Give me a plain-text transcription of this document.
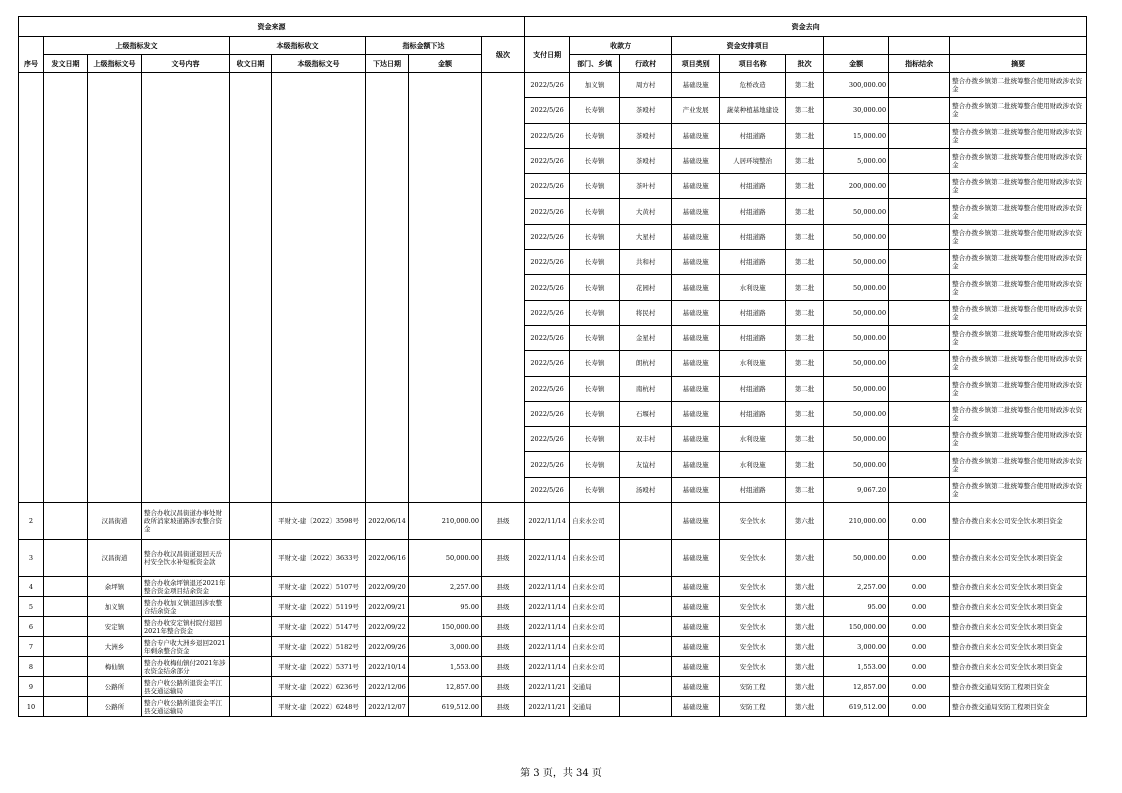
资金来源									资金去向								
序号	上级指标发文			本级指标收文		指标金额下达		级次	支付日期	收款方		资金安排项目					
	发文日期	上级指标文号	文号内容	收文日期	本级指标文号	下达日期	金额			部门、乡镇	行政村	项目类别	项目名称	批次	金额	指标结余	摘要
									2022/5/26	加义镇	周方村	基础设施	危桥改造	第二批	300,000.00		整合办拨乡镇第二批统筹整合使用财政涉农资金
									2022/5/26	长寿镇	茶殴村	产业发展	蔬菜种植基地建设	第二批	30,000.00		整合办拨乡镇第二批统筹整合使用财政涉农资金
									2022/5/26	长寿镇	茶殴村	基础设施	村组道路	第二批	15,000.00		整合办拨乡镇第二批统筹整合使用财政涉农资金
									2022/5/26	长寿镇	茶殴村	基础设施	人居环境整治	第二批	5,000.00		整合办拨乡镇第二批统筹整合使用财政涉农资金
									2022/5/26	长寿镇	茶叶村	基础设施	村组道路	第二批	200,000.00		整合办拨乡镇第二批统筹整合使用财政涉农资金
									2022/5/26	长寿镇	大黄村	基础设施	村组道路	第二批	50,000.00		整合办拨乡镇第二批统筹整合使用财政涉农资金
									2022/5/26	长寿镇	大星村	基础设施	村组道路	第二批	50,000.00		整合办拨乡镇第二批统筹整合使用财政涉农资金
									2022/5/26	长寿镇	共和村	基础设施	村组道路	第二批	50,000.00		整合办拨乡镇第二批统筹整合使用财政涉农资金
									2022/5/26	长寿镇	花园村	基础设施	水利设施	第二批	50,000.00		整合办拨乡镇第二批统筹整合使用财政涉农资金
									2022/5/26	长寿镇	将民村	基础设施	村组道路	第二批	50,000.00		整合办拨乡镇第二批统筹整合使用财政涉农资金
									2022/5/26	长寿镇	金星村	基础设施	村组道路	第二批	50,000.00		整合办拨乡镇第二批统筹整合使用财政涉农资金
									2022/5/26	长寿镇	朗杭村	基础设施	水利设施	第二批	50,000.00		整合办拨乡镇第二批统筹整合使用财政涉农资金
									2022/5/26	长寿镇	南杭村	基础设施	村组道路	第二批	50,000.00		整合办拨乡镇第二批统筹整合使用财政涉农资金
									2022/5/26	长寿镇	石堰村	基础设施	村组道路	第二批	50,000.00		整合办拨乡镇第二批统筹整合使用财政涉农资金
									2022/5/26	长寿镇	双丰村	基础设施	水利设施	第二批	50,000.00		整合办拨乡镇第二批统筹整合使用财政涉农资金
									2022/5/26	长寿镇	友谊村	基础设施	水利设施	第二批	50,000.00		整合办拨乡镇第二批统筹整合使用财政涉农资金
									2022/5/26	长寿镇	汤殴村	基础设施	村组道路	第二批	9,067.20		整合办拨乡镇第二批统筹整合使用财政涉农资金
2		汉昌街道	整合办收汉昌街道办事处财政所消家坡道路涉农整合资金		平财文-建〔2022〕3598号	2022/06/14	210,000.00	县级	2022/11/14	自来水公司		基础设施	安全饮水	第六批	210,000.00	0.00	整合办拨自来水公司安全饮水项目资金
3		汉昌街道	整合办收汉昌街道退回天岳村安全饮水补短板资金款		平财文-建〔2022〕3633号	2022/06/16	50,000.00	县级	2022/11/14	自来水公司		基础设施	安全饮水	第六批	50,000.00	0.00	整合办拨自来水公司安全饮水项目资金
4		余坪镇	整合办收余坪镇退还2021年整合资金项目结余资金		平财文-建〔2022〕5107号	2022/09/20	2,257.00	县级	2022/11/14	自来水公司		基础设施	安全饮水	第六批	2,257.00	0.00	整合办拨自来水公司安全饮水项目资金
5		加义镇	整合办收加义镇退回涉农整合结余资金		平财文-建〔2022〕5119号	2022/09/21	95.00	县级	2022/11/14	自来水公司		基础设施	安全饮水	第六批	95.00	0.00	整合办拨自来水公司安全饮水项目资金
6		安定镇	整合办收安定镇村院付退回2021年整合资金		平财文-建〔2022〕5147号	2022/09/22	150,000.00	县级	2022/11/14	自来水公司		基础设施	安全饮水	第六批	150,000.00	0.00	整合办拨自来水公司安全饮水项目资金
7		大洲乡	整合专户收大洲乡退回2021年剩余整合资金		平财文-建〔2022〕5182号	2022/09/26	3,000.00	县级	2022/11/14	自来水公司		基础设施	安全饮水	第六批	3,000.00	0.00	整合办拨自来水公司安全饮水项目资金
8		梅仙镇	整合办收梅仙镇付2021年涉农资金结余部分		平财文-建〔2022〕5371号	2022/10/14	1,553.00	县级	2022/11/14	自来水公司		基础设施	安全饮水	第六批	1,553.00	0.00	整合办拨自来水公司安全饮水项目资金
9		公路所	整合户收公路所退资金平江县交通运输局		平财文-建〔2022〕6236号	2022/12/06	12,857.00	县级	2022/11/21	交通局		基础设施	安防工程	第六批	12,857.00	0.00	整合办拨交通局安防工程项目资金
10		公路所	整合户收公路所退资金平江县交通运输局		平财文-建〔2022〕6248号	2022/12/07	619,512.00	县级	2022/11/21	交通局		基础设施	安防工程	第六批	619,512.00	0.00	整合办拨交通局安防工程项目资金
第 3 页，共 34 页
